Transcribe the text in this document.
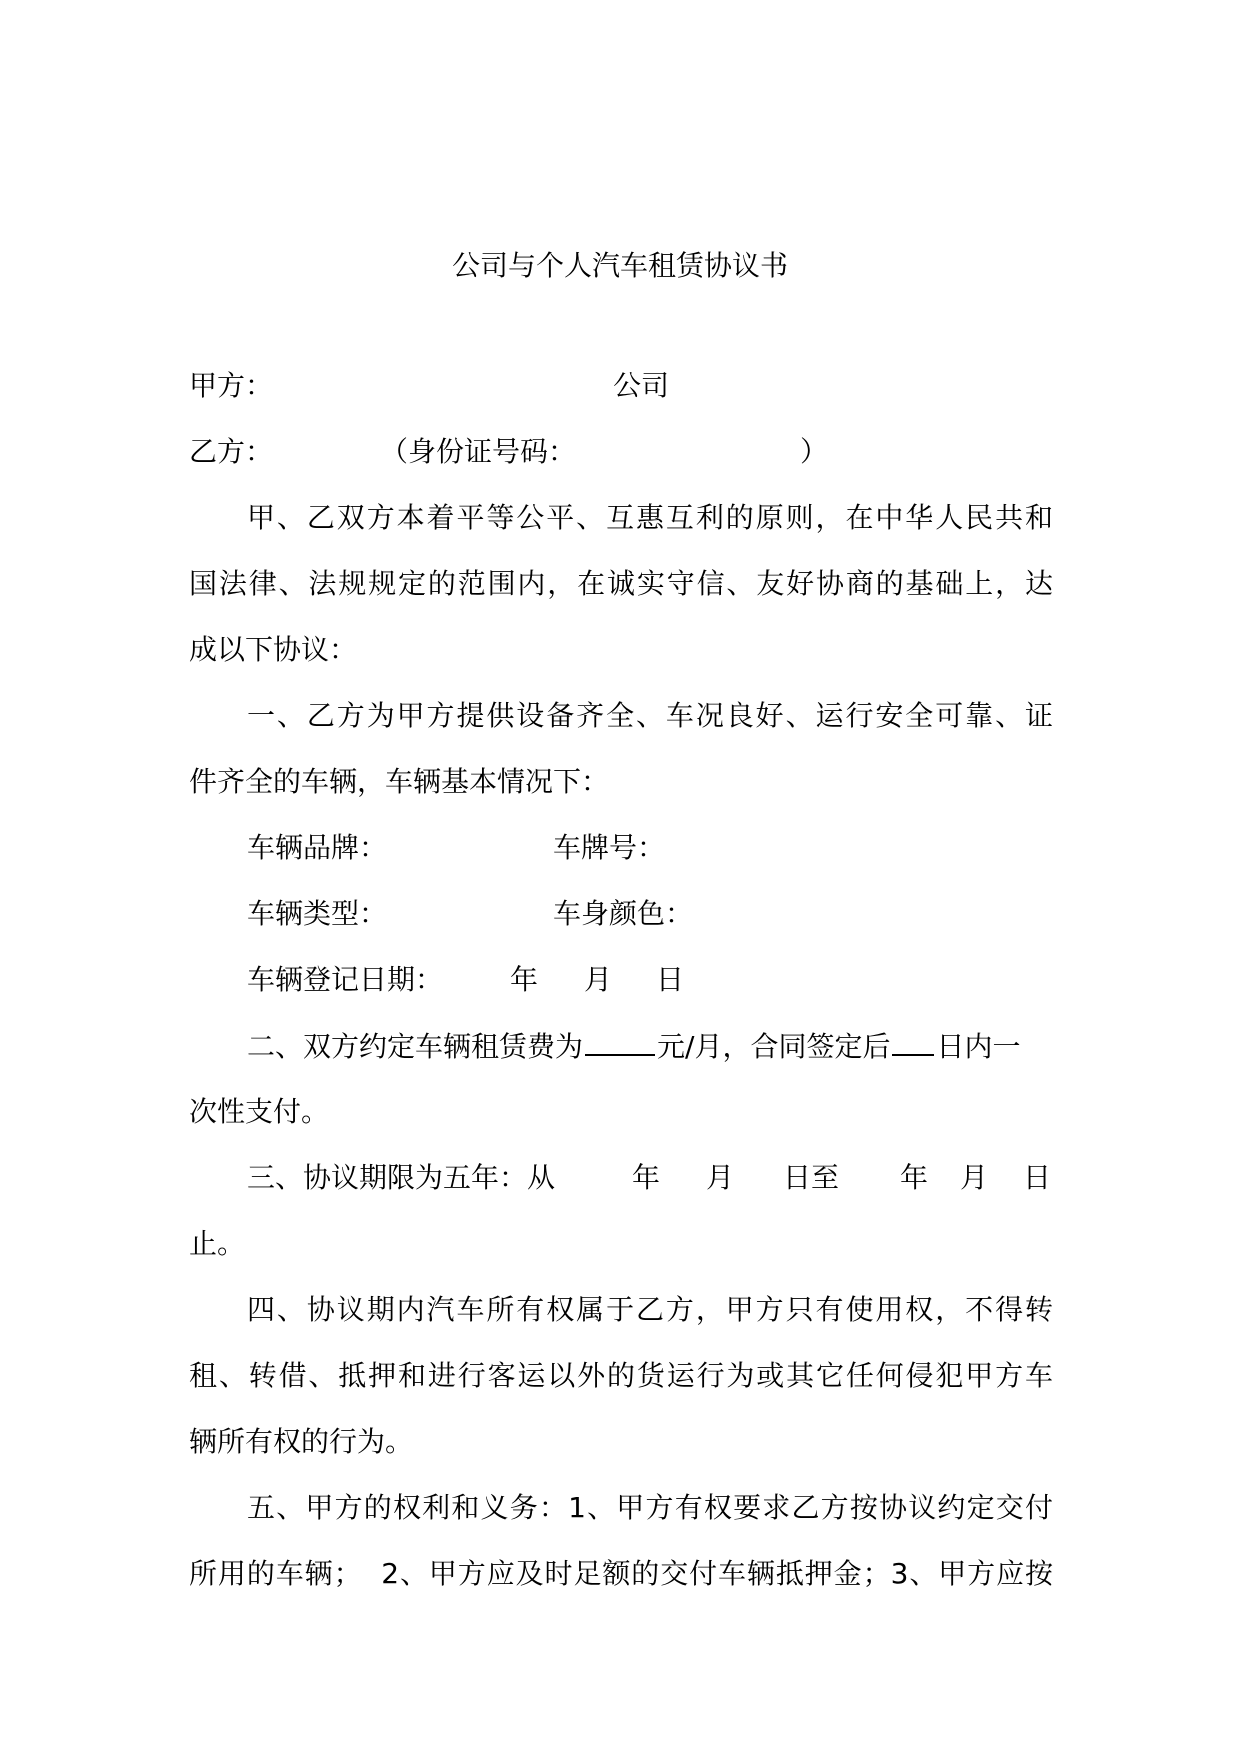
公司与个人汽车租赁协议书
甲方：	公司
乙方：	（身份证号码：	）
甲、乙双方本着平等公平、互惠互利的原则，在中华人民共和
国法律、法规规定的范围内，在诚实守信、友好协商的基础上，达
成以下协议：
一、乙方为甲方提供设备齐全、车况良好、运行安全可靠、证
件齐全的车辆，车辆基本情况下：
车辆品牌：	车牌号：
车辆类型：	车身颜色：
车辆登记日期： 年 月 日
二、双方约定车辆租赁费为	元/月，合同签定后 日内一
次性支付。
三、协议期限为五年：从	年 月 日至 年 月 日
止。
四、协议期内汽车所有权属于乙方，甲方只有使用权，不得转
租、转借、抵押和进行客运以外的货运行为或其它任何侵犯甲方车
辆所有权的行为。
五、甲方的权利和义务：1、甲方有权要求乙方按协议约定交付
所用的车辆；  2、甲方应及时足额的交付车辆抵押金；3、甲方应按
